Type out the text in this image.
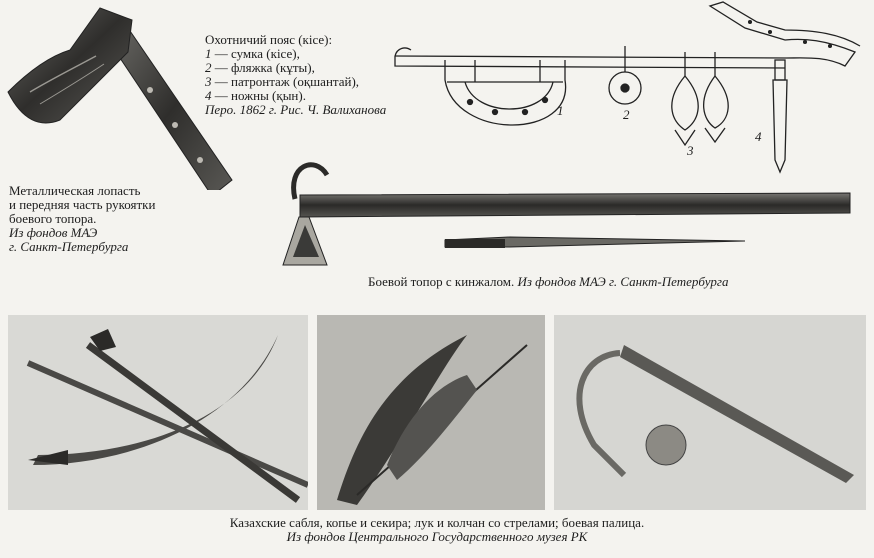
Металлическая лопасть
и передняя часть рукоятки
боевого топора.
Из фондов МАЭ
г. Санкт-Петербурга
Охотничий пояс (кісе):
1 — сумка (кісе),
2 — фляжка (кұты),
3 — патронтаж (оқшантай),
4 — ножны (қын).
Перо. 1862 г. Рис. Ч. Валиханова	1	2
3
4
Боевой топор с кинжалом. Из фондов МАЭ г. Санкт-Петербурга
Казахские сабля, копье и секира; лук и колчан со стрелами; боевая палица.
Из фондов Центрального Государственного музея РК
